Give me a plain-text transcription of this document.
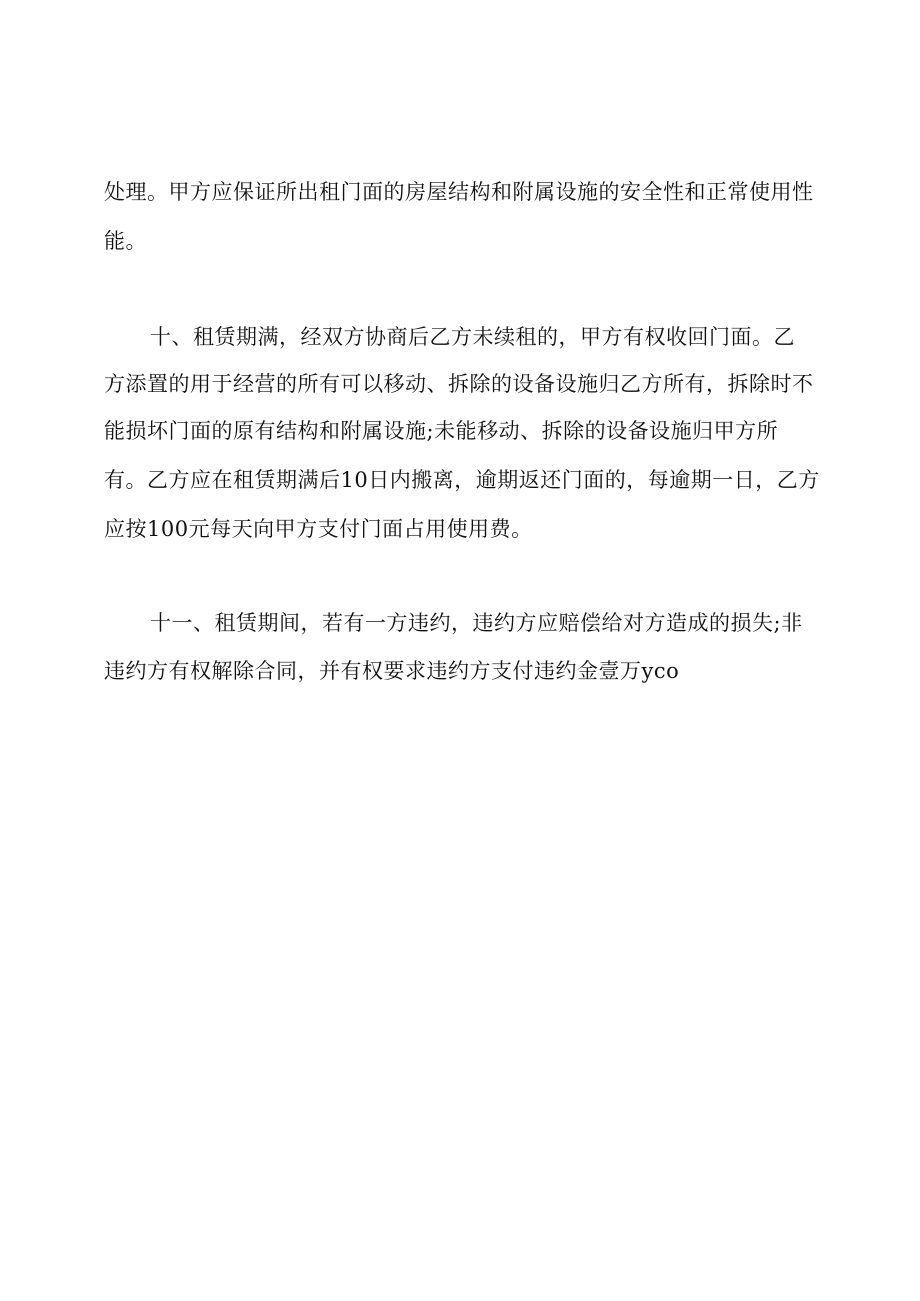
处理。甲方应保证所出租门面的房屋结构和附属设施的安全性和正常使用性

能。

十、租赁期满，经双方协商后乙方未续租的，甲方有权收回门面。乙

方添置的用于经营的所有可以移动、拆除的设备设施归乙方所有，拆除时不

能损坏门面的原有结构和附属设施;未能移动、拆除的设备设施归甲方所

有。乙方应在租赁期满后10日内搬离，逾期返还门面的，每逾期一日，乙方

应按100元每天向甲方支付门面占用使用费。

十一、租赁期间，若有一方违约，违约方应赔偿给对方造成的损失;非

违约方有权解除合同，并有权要求违约方支付违约金壹万yco
